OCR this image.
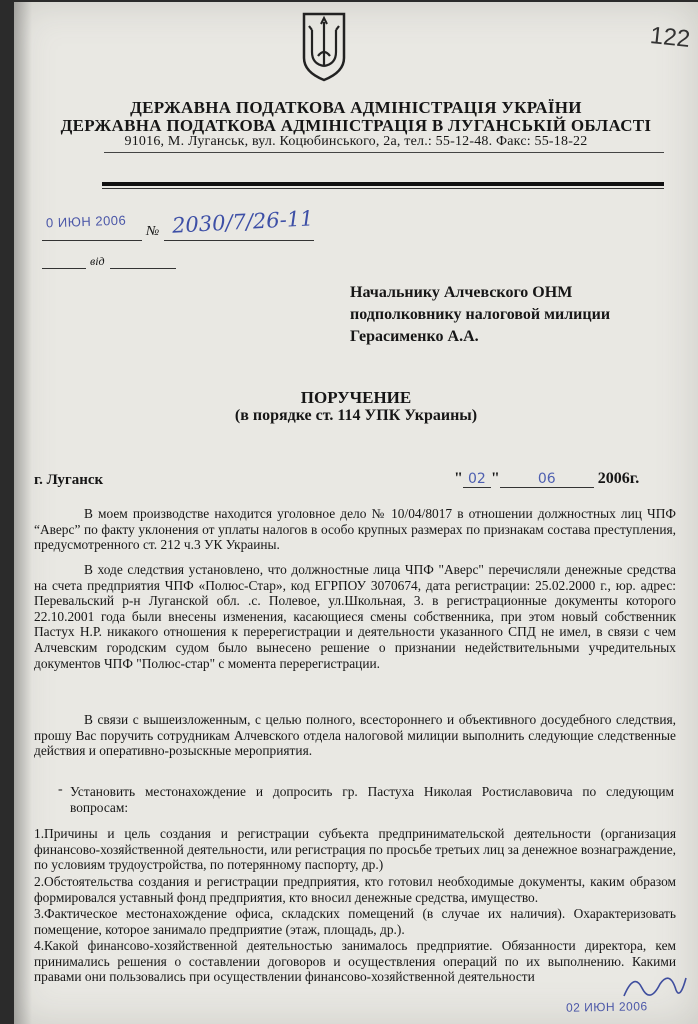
122
ДЕРЖАВНА ПОДАТКОВА АДМІНІСТРАЦІЯ УКРАЇНИ
ДЕРЖАВНА ПОДАТКОВА АДМІНІСТРАЦІЯ В ЛУГАНСЬКІЙ ОБЛАСТІ
91016, М. Луганськ, вул. Коцюбинського, 2а, тел.: 55-12-48. Факс: 55-18-22
0 ИЮН 2006
№ 2030/7/26-11
від
Начальнику Алчевского ОНМ
подполковнику налоговой милиции
Герасименко А.А.
ПОРУЧЕНИЕ
(в порядке ст. 114 УПК Украины)
г. Луганск	" 02 "	06	2006г.

В моем производстве находится уголовное дело № 10/04/8017 в отношении должностных лиц ЧПФ “Аверс” по факту уклонения от уплаты налогов в особо крупных размерах по признакам состава преступления, предусмотренного ст. 212 ч.3 УК Украины.

В ходе следствия установлено, что должностные лица ЧПФ "Аверс" перечисляли денежные средства на счета предприятия ЧПФ «Полюс-Стар», код ЕГРПОУ 3070674, дата регистрации: 25.02.2000 г., юр. адрес: Перевальский р-н Луганской обл. .с. Полевое, ул.Школьная, 3. в регистрационные документы которого 22.10.2001 года были внесены изменения, касающиеся смены собственника, при этом новый собственник Пастух Н.Р. никакого отношения к перерегистрации и деятельности указанного СПД не имел, в связи с чем Алчевским городским судом было вынесено решение о признании недействительными учредительных документов ЧПФ "Полюс-стар" с момента перерегистрации.

В связи с вышеизложенным, с целью полного, всестороннего и объективного досудебного следствия, прошу Вас поручить сотрудникам Алчевского отдела налоговой милиции выполнить следующие следственные действия и оперативно-розыскные мероприятия.

- Установить местонахождение и допросить гр. Пастуха Николая Ростиславовича по следующим вопросам:

1.Причины и цель создания и регистрации субъекта предпринимательской деятельности (организация финансово-хозяйственной деятельности, или регистрация по просьбе третьих лиц за денежное вознаграждение, по условиям трудоустройства, по потерянному паспорту, др.)

2.Обстоятельства создания и регистрации предприятия, кто готовил необходимые документы, каким образом формировался уставный фонд предприятия, кто вносил денежные средства, имущество.

3.Фактическое местонахождение офиса, складских помещений (в случае их наличия). Охарактеризовать помещение, которое занимало предприятие (этаж, площадь, др.).

4.Какой финансово-хозяйственной деятельностью занималось предприятие. Обязанности директора, кем принимались решения о составлении договоров и осуществления операций по их выполнению. Какими правами они пользовались при осуществлении финансово-хозяйственной деятельности

02 ИЮН 2006
